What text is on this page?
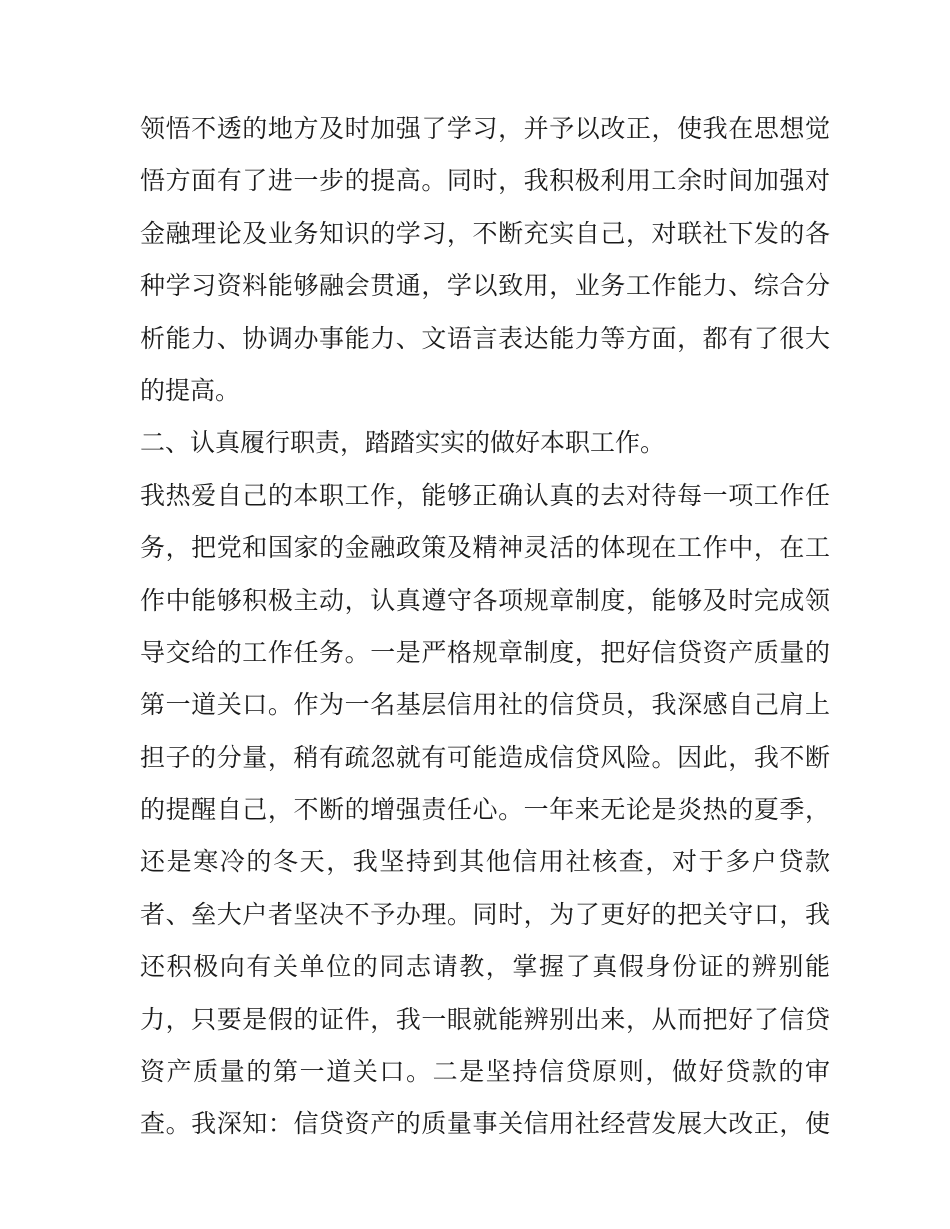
领悟不透的地方及时加强了学习，并予以改正，使我在思想觉
悟方面有了进一步的提高。同时，我积极利用工余时间加强对
金融理论及业务知识的学习，不断充实自己，对联社下发的各
种学习资料能够融会贯通，学以致用，业务工作能力、综合分
析能力、协调办事能力、文语言表达能力等方面，都有了很大
的提高。
二、认真履行职责，踏踏实实的做好本职工作。
我热爱自己的本职工作，能够正确认真的去对待每一项工作任
务，把党和国家的金融政策及精神灵活的体现在工作中，在工
作中能够积极主动，认真遵守各项规章制度，能够及时完成领
导交给的工作任务。一是严格规章制度，把好信贷资产质量的
第一道关口。作为一名基层信用社的信贷员，我深感自己肩上
担子的分量，稍有疏忽就有可能造成信贷风险。因此，我不断
的提醒自己，不断的增强责任心。一年来无论是炎热的夏季，
还是寒冷的冬天，我坚持到其他信用社核查，对于多户贷款
者、垒大户者坚决不予办理。同时，为了更好的把关守口，我
还积极向有关单位的同志请教，掌握了真假身份证的辨别能
力，只要是假的证件，我一眼就能辨别出来，从而把好了信贷
资产质量的第一道关口。二是坚持信贷原则，做好贷款的审
查。我深知：信贷资产的质量事关信用社经营发展大改正，使
